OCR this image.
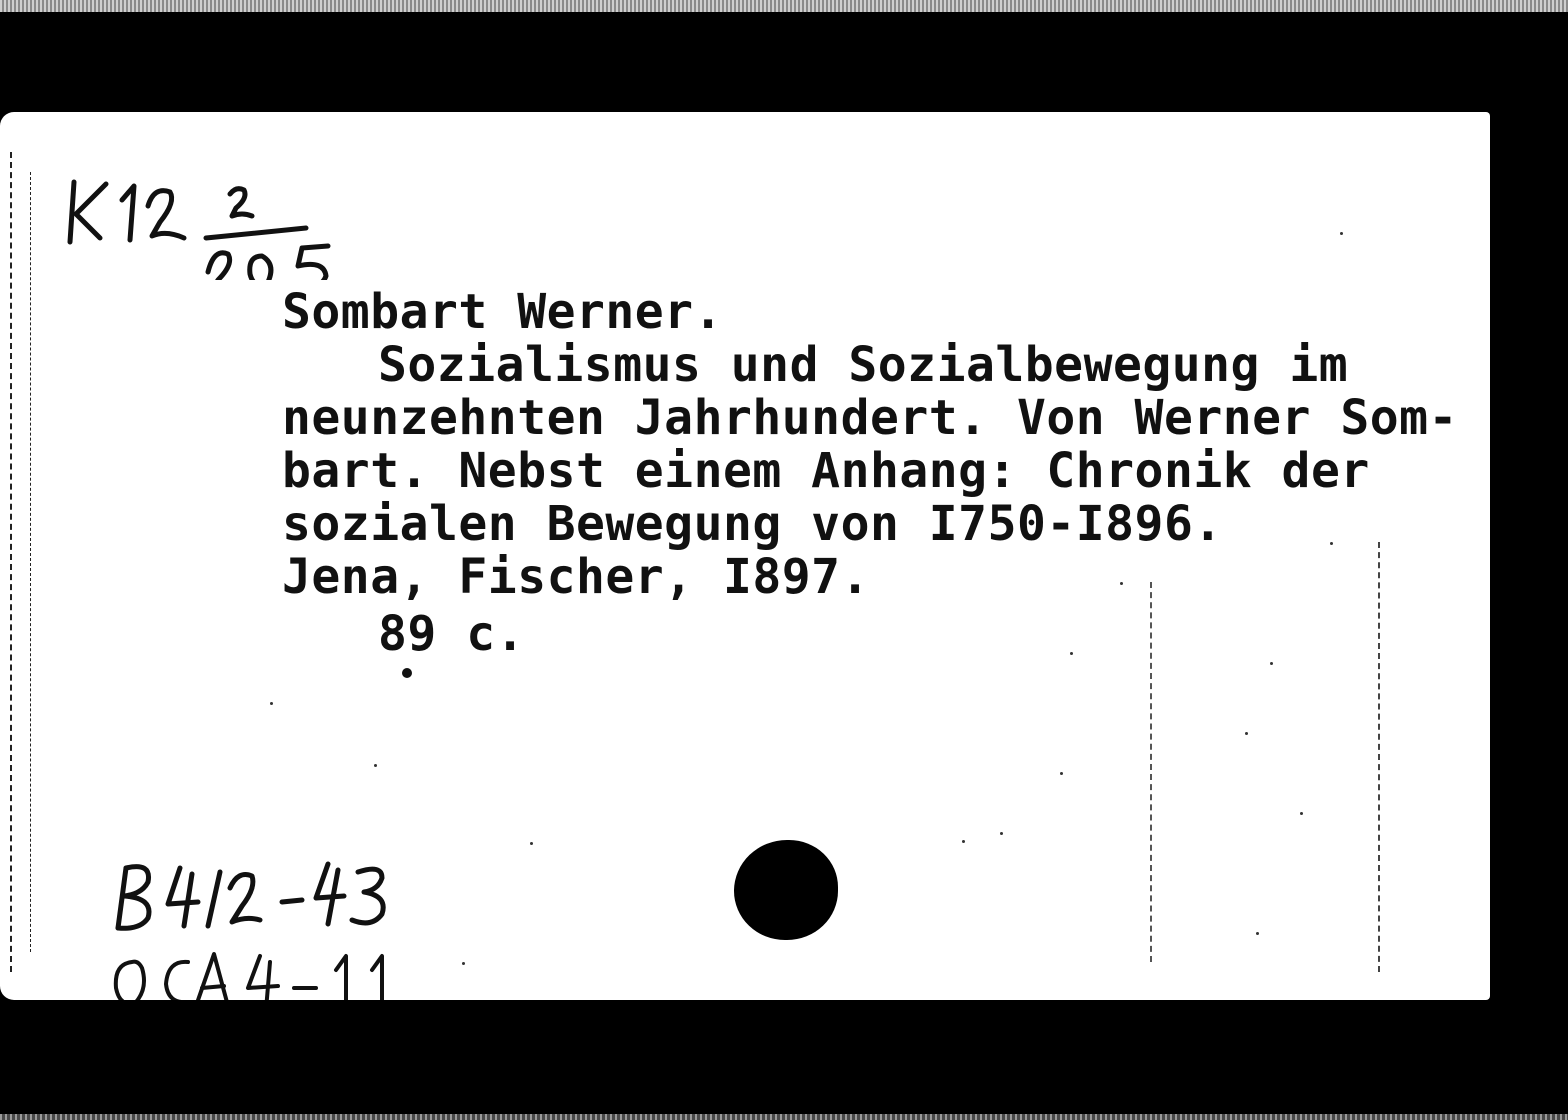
Sombart Werner.
Sozialismus und Sozialbewegung im
neunzehnten Jahrhundert. Von Werner Som-
bart. Nebst einem Anhang: Chronik der
sozialen Bewegung von I750-I896.
Jena, Fischer, I897.
89 c.
